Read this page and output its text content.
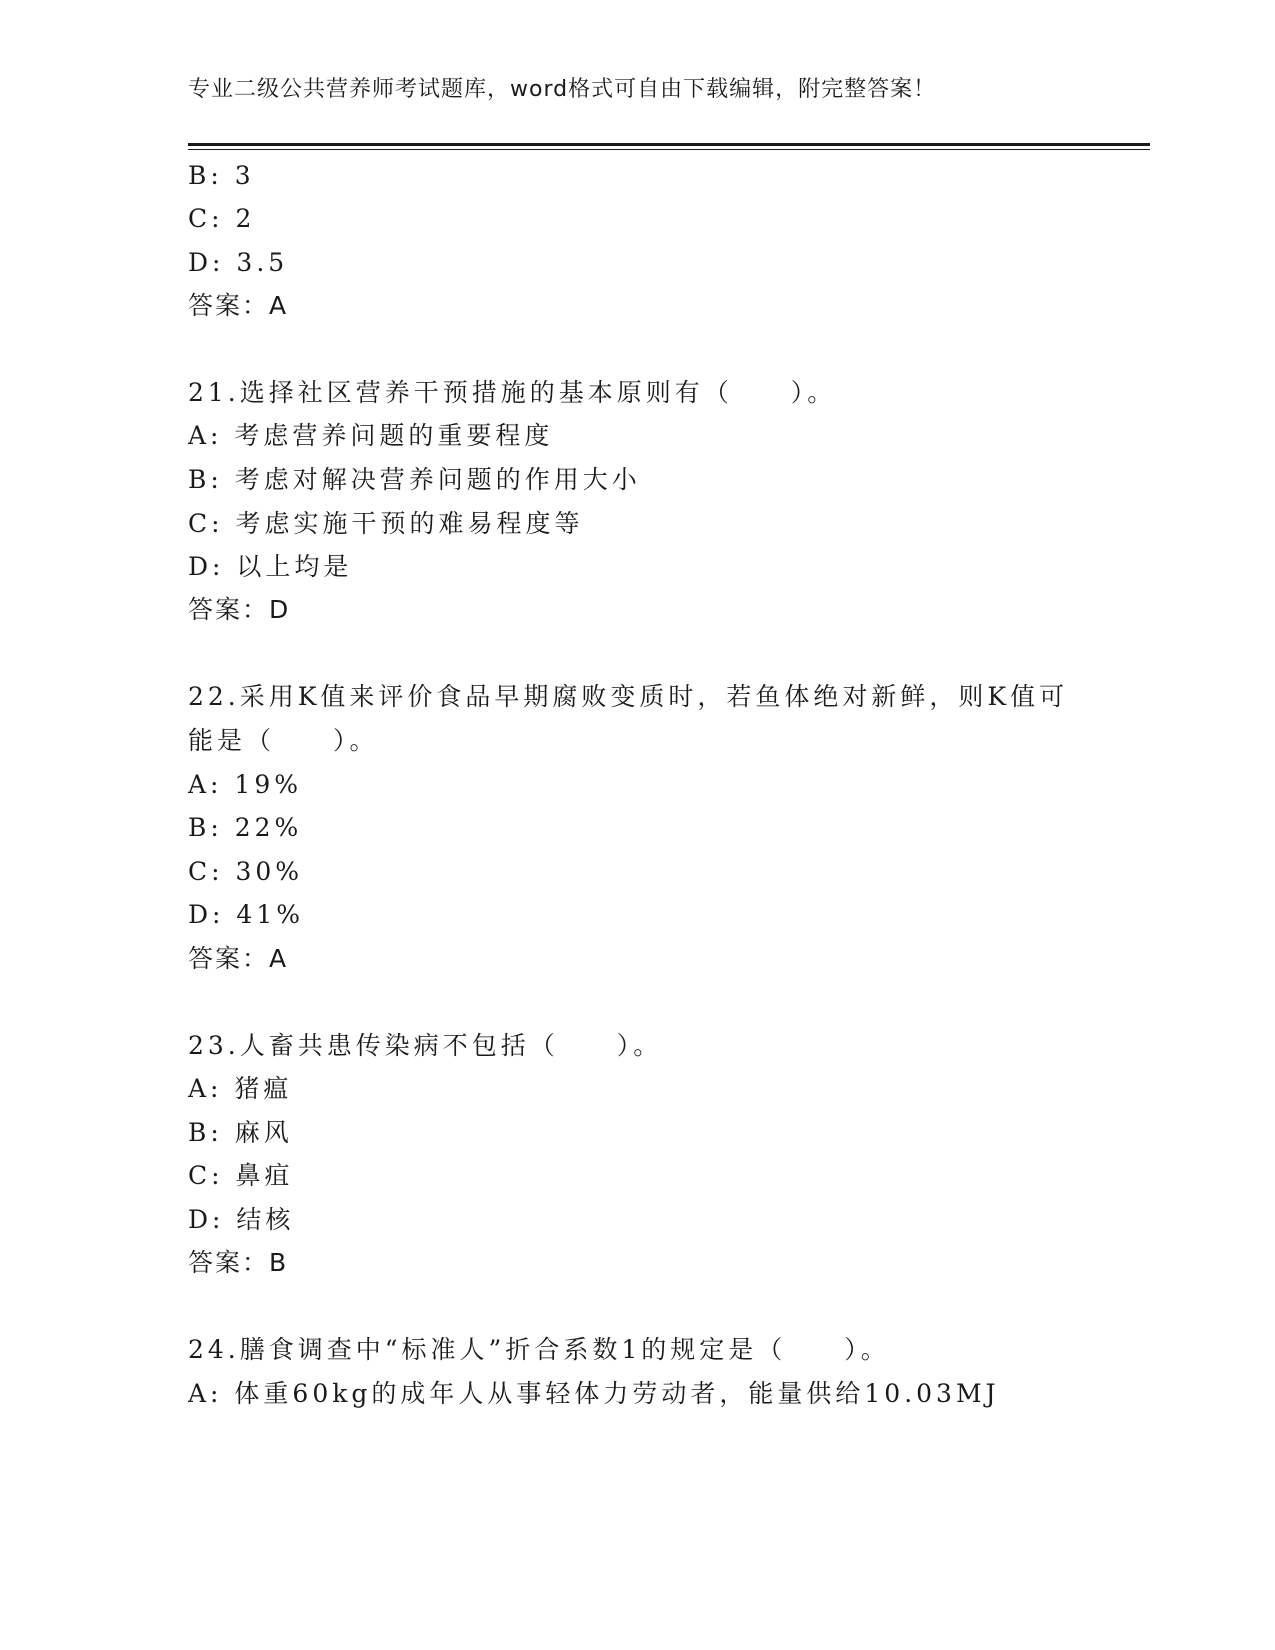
专业二级公共营养师考试题库，word格式可自由下载编辑，附完整答案！
B: 3
C: 2
D: 3.5
答案：A
21.选择社区营养干预措施的基本原则有（　　）。
A: 考虑营养问题的重要程度
B: 考虑对解决营养问题的作用大小
C: 考虑实施干预的难易程度等
D: 以上均是
答案：D
22.采用K值来评价食品早期腐败变质时，若鱼体绝对新鲜，则K值可
能是（　　）。
A: 19%
B: 22%
C: 30%
D: 41%
答案：A
23.人畜共患传染病不包括（　　）。
A: 猪瘟
B: 麻风
C: 鼻疽
D: 结核
答案：B
24.膳食调查中“标准人”折合系数1的规定是（　　）。
A: 体重60kg的成年人从事轻体力劳动者，能量供给10.03MJ
